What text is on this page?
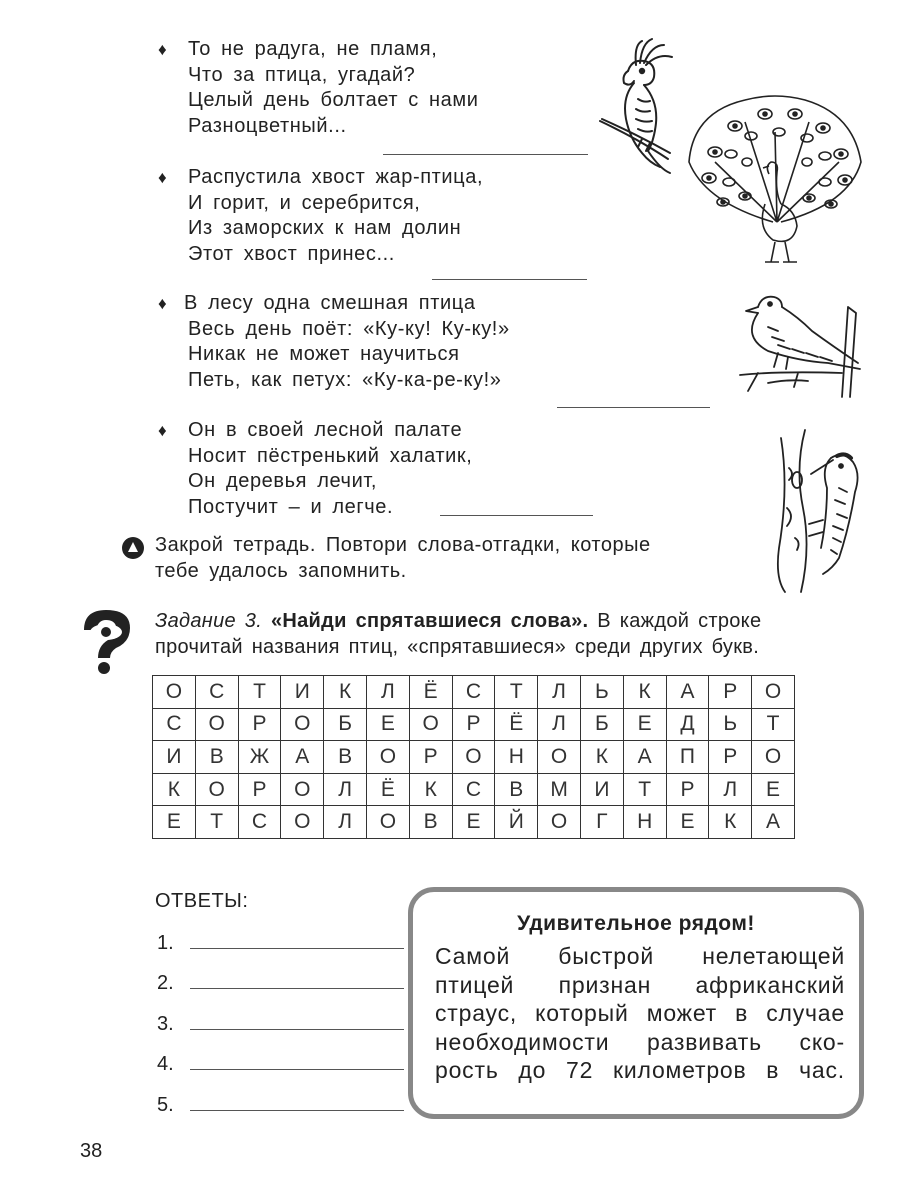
♦ То не радуга, не пламя,
Что за птица, угадай?
Целый день болтает с нами
Разноцветный...
♦ Распустила хвост жар-птица,
И горит, и серебрится,
Из заморских к нам долин
Этот хвост принес...
♦ В лесу одна смешная птица
Весь день поёт: «Ку-ку! Ку-ку!»
Никак не может научиться
Петь, как петух: «Ку-ка-ре-ку!»
♦ Он в своей лесной палате
Носит пёстренький халатик,
Он деревья лечит,
Постучит – и легче.
Закрой тетрадь. Повтори слова-отгадки, которые
тебе удалось запомнить.
Задание 3. «Найди спрятавшиеся слова». В каждой строке
прочитай названия птиц, «спрятавшиеся» среди других букв.
О	С	Т	И	К	Л	Ё	С	Т	Л	Ь	К	А	Р	О
С	О	Р	О	Б	Е	О	Р	Ё	Л	Б	Е	Д	Ь	Т
И	В	Ж	А	В	О	Р	О	Н	О	К	А	П	Р	О
К	О	Р	О	Л	Ё	К	С	В	М	И	Т	Р	Л	Е
Е	Т	С	О	Л	О	В	Е	Й	О	Г	Н	Е	К	А
ОТВЕТЫ:
1.
2.
3.
4.
5.
Удивительное рядом!
Самой быстрой нелетающей
птицей признан африканский
страус, который может в случае
необходимости развивать ско-
рость до 72 километров в час.
38
